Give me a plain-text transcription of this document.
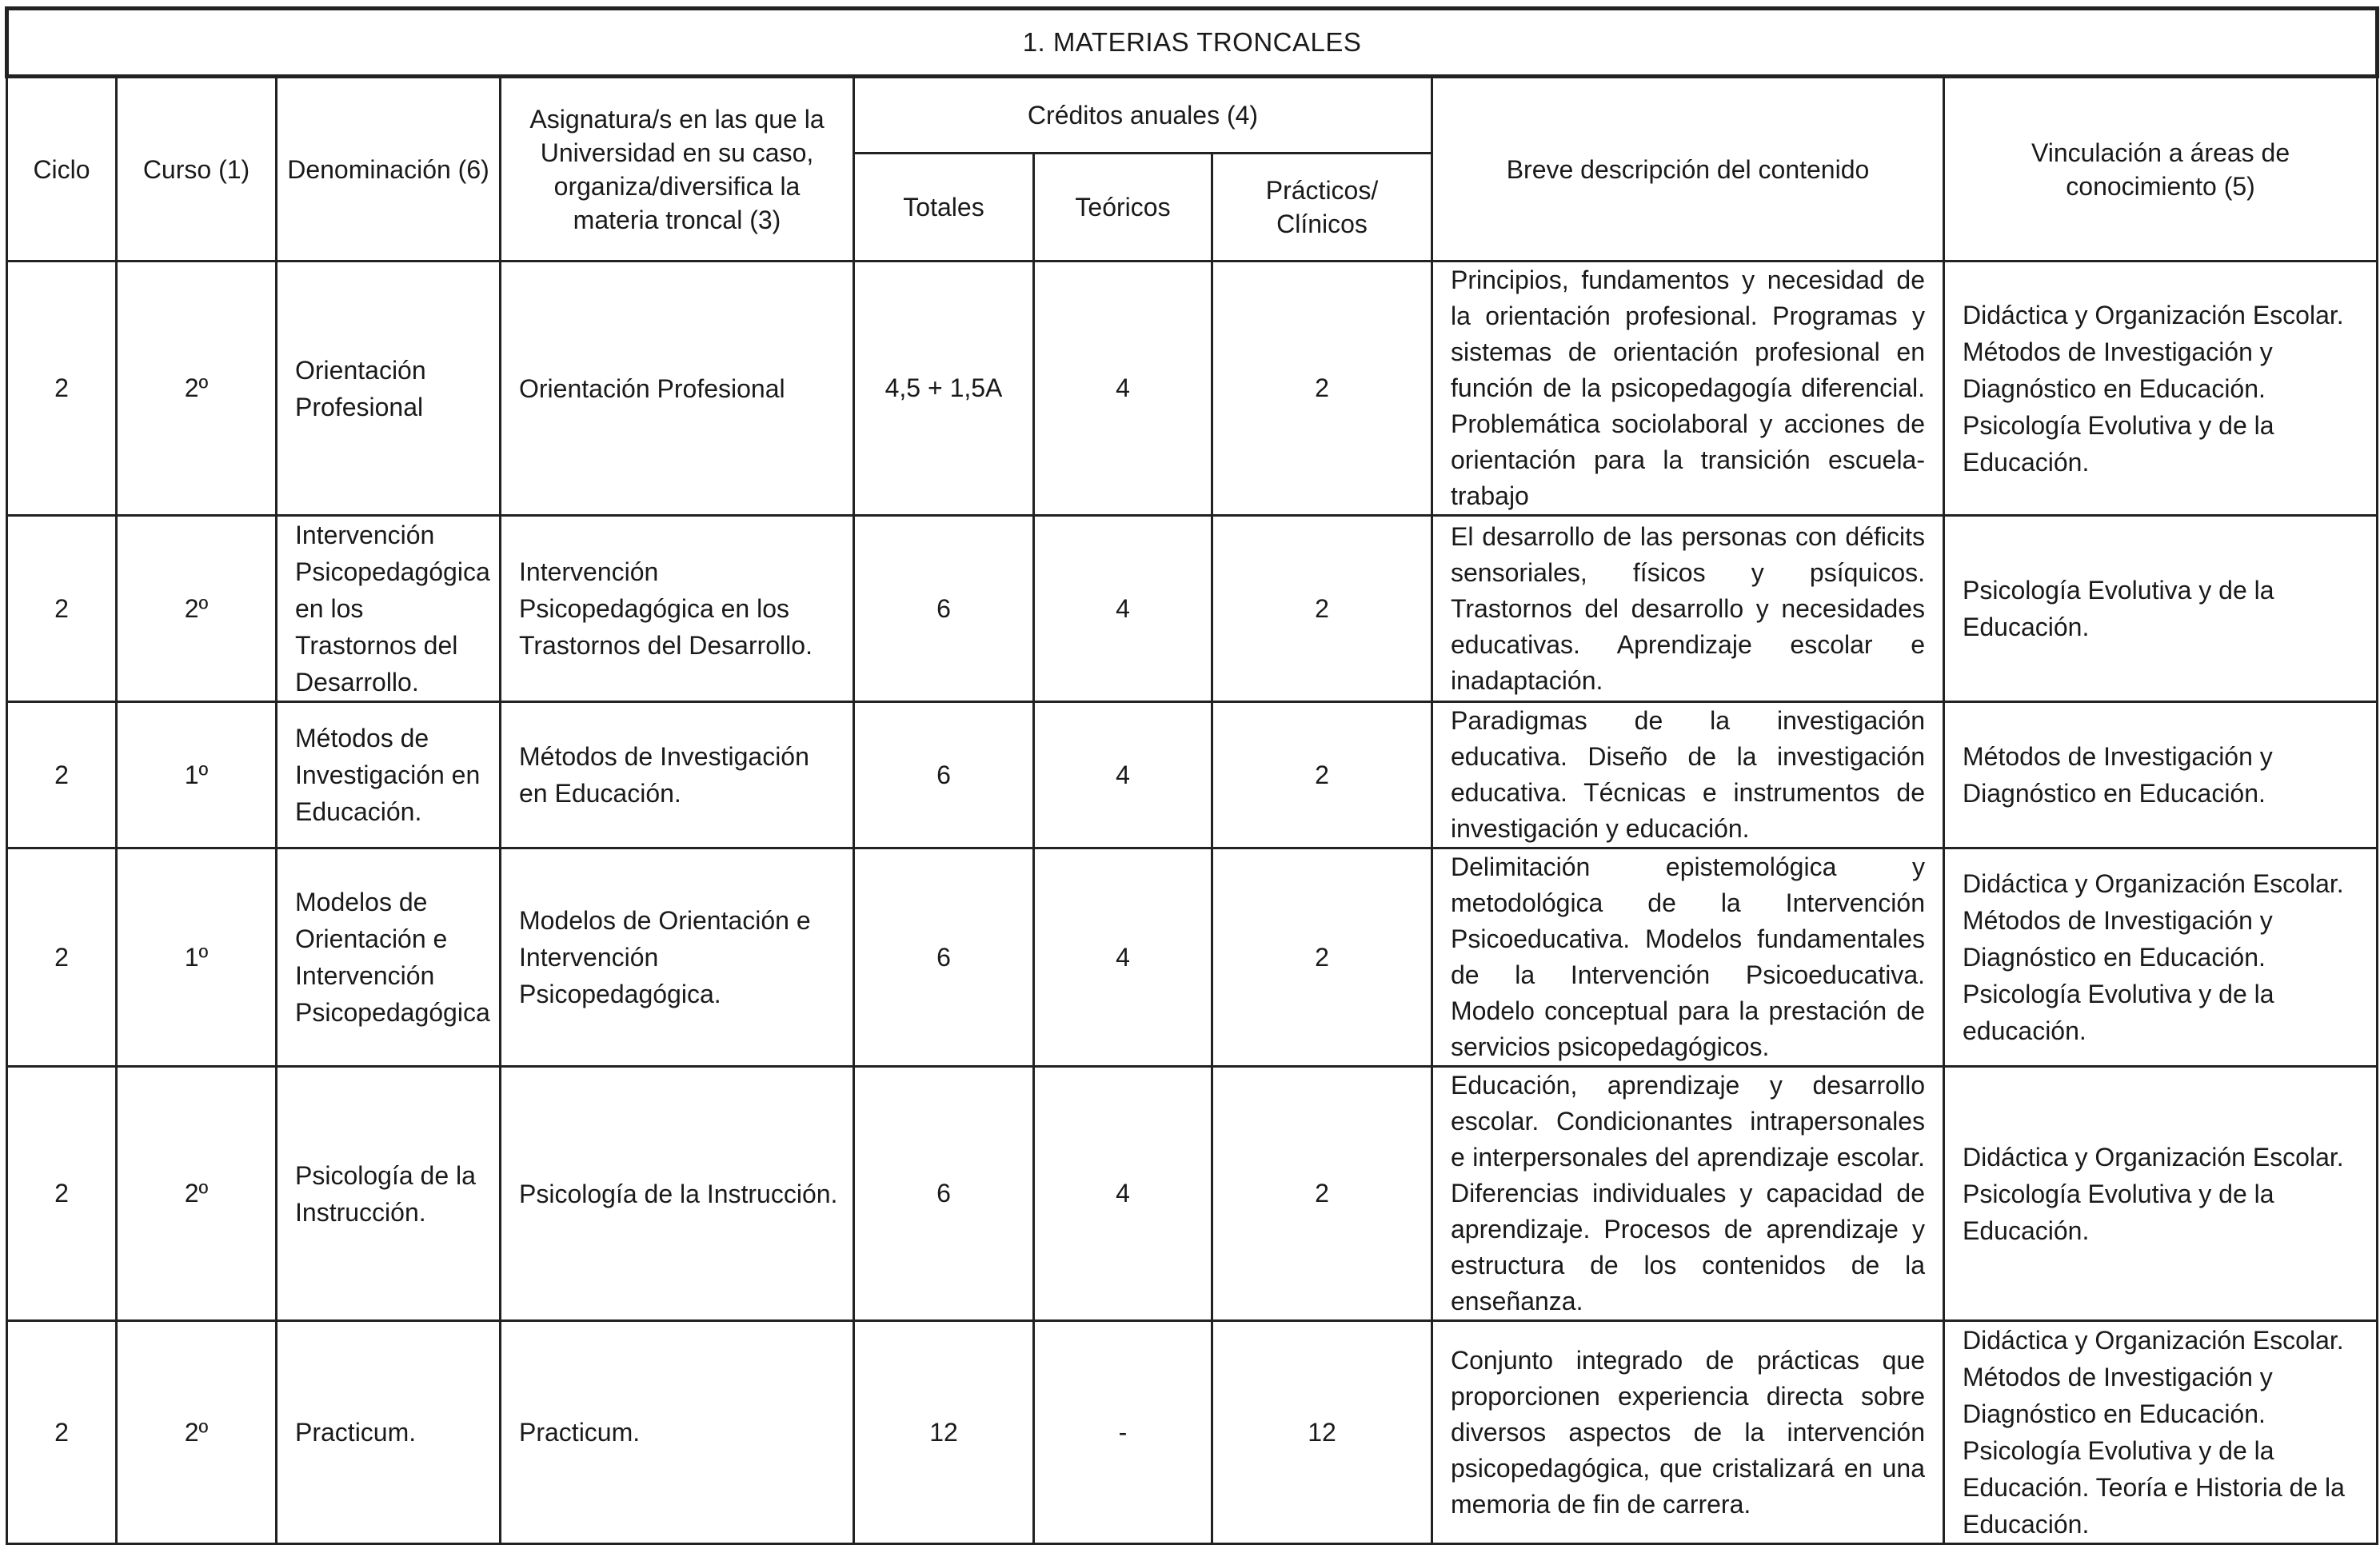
1. MATERIAS TRONCALES								
Ciclo	Curso (1)	Denominación (6)	Asignatura/s en las que la Universidad en su caso, organiza/diversifica la materia troncal (3)	Créditos anuales (4)			Breve descripción del contenido	Vinculación a áreas de conocimiento (5)
				Totales	Teóricos	Prácticos/ Clínicos		
2	2º	Orientación Profesional	Orientación Profesional	4,5 + 1,5A	4	2	Principios, fundamentos y necesidad de la orientación profesional. Programas y sistemas de orientación profesional en función de la psicopedagogía diferencial. Problemática sociolaboral y acciones de orientación para la transición escuela-trabajo	Didáctica y Organización Escolar. Métodos de Investigación y Diagnóstico en Educación. Psicología Evolutiva y de la Educación.
2	2º	Intervención Psicopedagógica en los Trastornos del Desarrollo.	Intervención Psicopedagógica en los Trastornos del Desarrollo.	6	4	2	El desarrollo de las personas con déficits sensoriales, físicos y psíquicos. Trastornos del desarrollo y necesidades educativas. Aprendizaje escolar e inadaptación.	Psicología Evolutiva y de la Educación.
2	1º	Métodos de Investigación en Educación.	Métodos de Investigación en Educación.	6	4	2	Paradigmas de la investigación educativa. Diseño de la investigación educativa. Técnicas e instrumentos de investigación y educación.	Métodos de Investigación y Diagnóstico en Educación.
2	1º	Modelos de Orientación e Intervención Psicopedagógica	Modelos de Orientación e Intervención Psicopedagógica.	6	4	2	Delimitación epistemológica y metodológica de la Intervención Psicoeducativa. Modelos fundamentales de la Intervención Psicoeducativa. Modelo conceptual para la prestación de servicios psicopedagógicos.	Didáctica y Organización Escolar. Métodos de Investigación y Diagnóstico en Educación. Psicología Evolutiva y de la educación.
2	2º	Psicología de la Instrucción.	Psicología de la Instrucción.	6	4	2	Educación, aprendizaje y desarrollo escolar. Condicionantes intrapersonales e interpersonales del aprendizaje escolar. Diferencias individuales y capacidad de aprendizaje. Procesos de aprendizaje y estructura de los contenidos de la enseñanza.	Didáctica y Organización Escolar. Psicología Evolutiva y de la Educación.
2	2º	Practicum.	Practicum.	12	-	12	Conjunto integrado de prácticas que proporcionen experiencia directa sobre diversos aspectos de la intervención psicopedagógica, que cristalizará en una memoria de fin de carrera.	Didáctica y Organización Escolar. Métodos de Investigación y Diagnóstico en Educación. Psicología Evolutiva y de la Educación. Teoría e Historia de la Educación.
